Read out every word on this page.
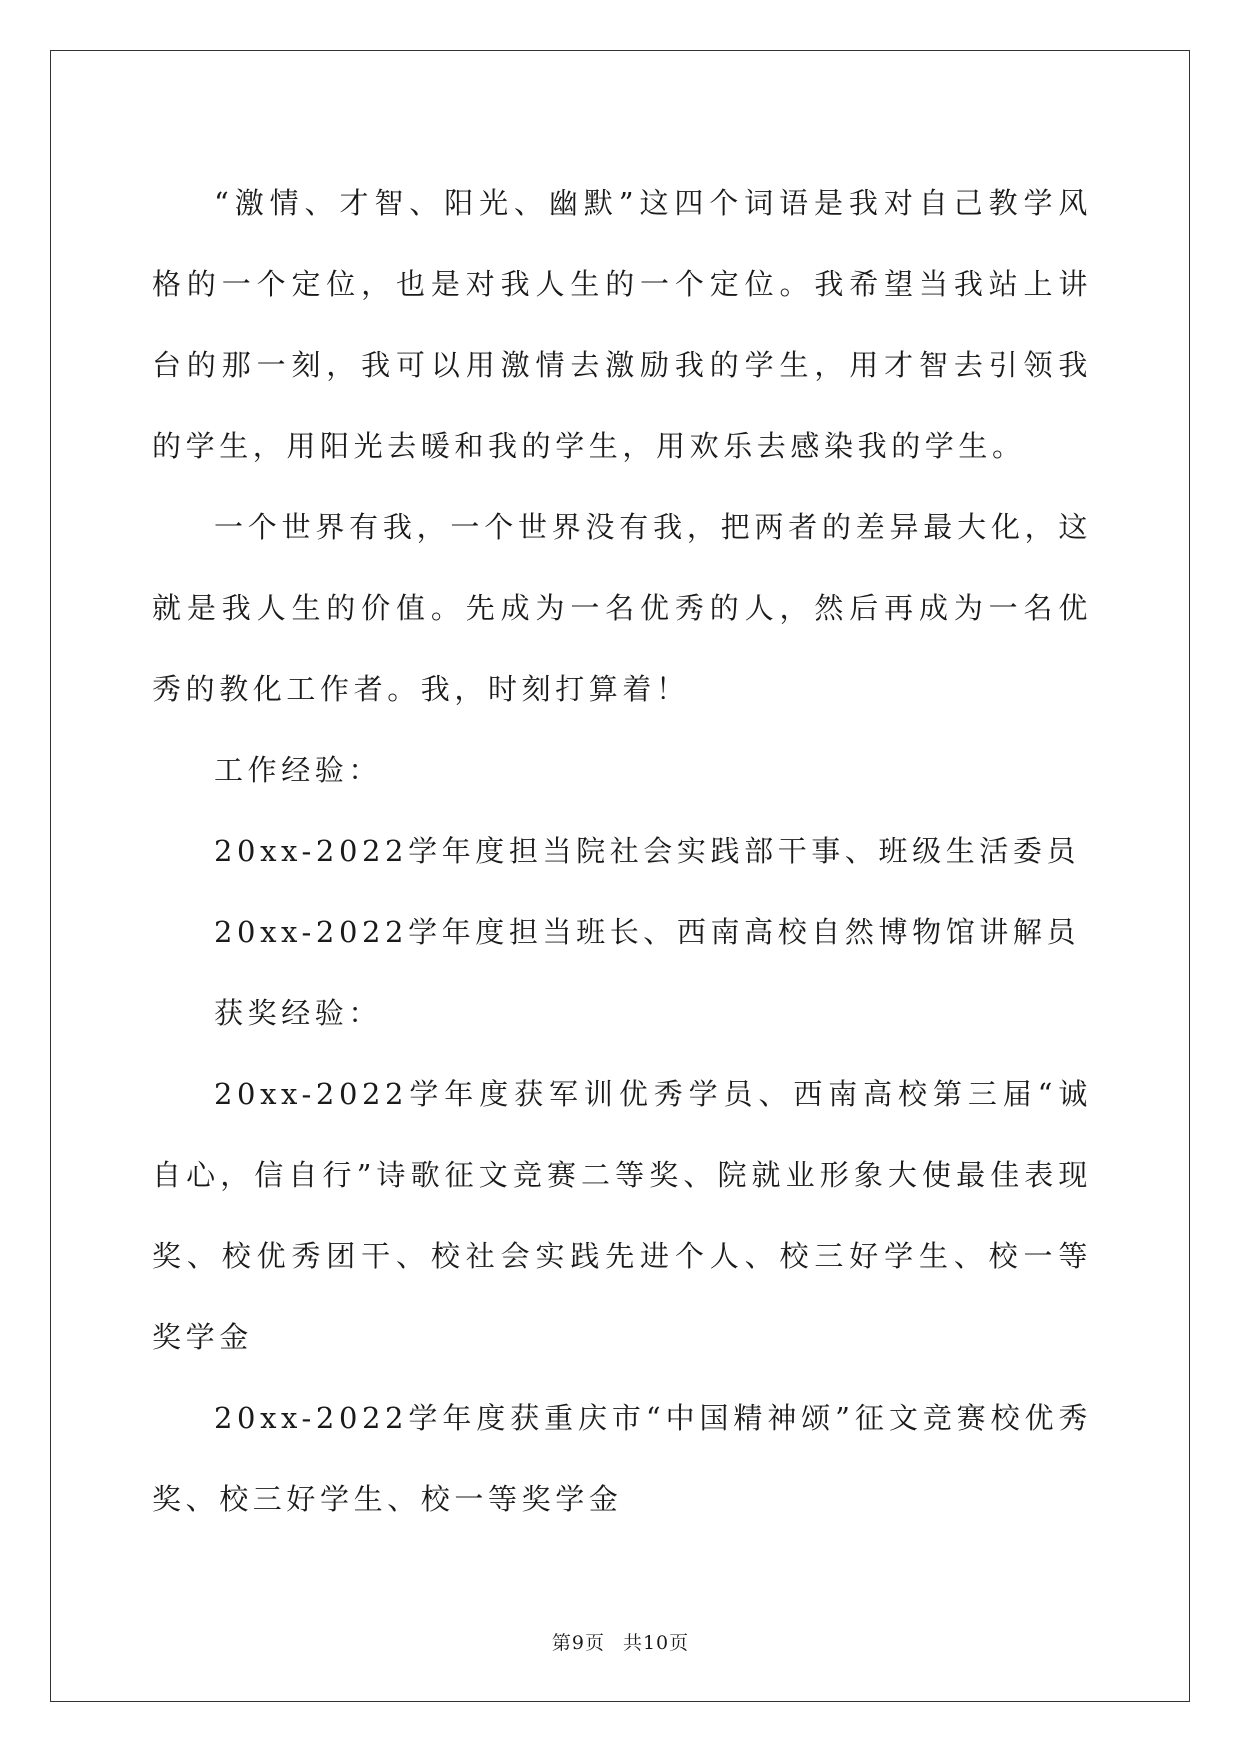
“激情、才智、阳光、幽默”这四个词语是我对自己教学风格的一个定位，也是对我人生的一个定位。我希望当我站上讲台的那一刻，我可以用激情去激励我的学生，用才智去引领我的学生，用阳光去暖和我的学生，用欢乐去感染我的学生。

一个世界有我，一个世界没有我，把两者的差异最大化，这就是我人生的价值。先成为一名优秀的人，然后再成为一名优秀的教化工作者。我，时刻打算着！

工作经验：

20xx-2022学年度担当院社会实践部干事、班级生活委员

20xx-2022学年度担当班长、西南高校自然博物馆讲解员

获奖经验：

20xx-2022学年度获军训优秀学员、西南高校第三届“诚自心，信自行”诗歌征文竞赛二等奖、院就业形象大使最佳表现奖、校优秀团干、校社会实践先进个人、校三好学生、校一等奖学金

20xx-2022学年度获重庆市“中国精神颂”征文竞赛校优秀奖、校三好学生、校一等奖学金

第9页 共10页
